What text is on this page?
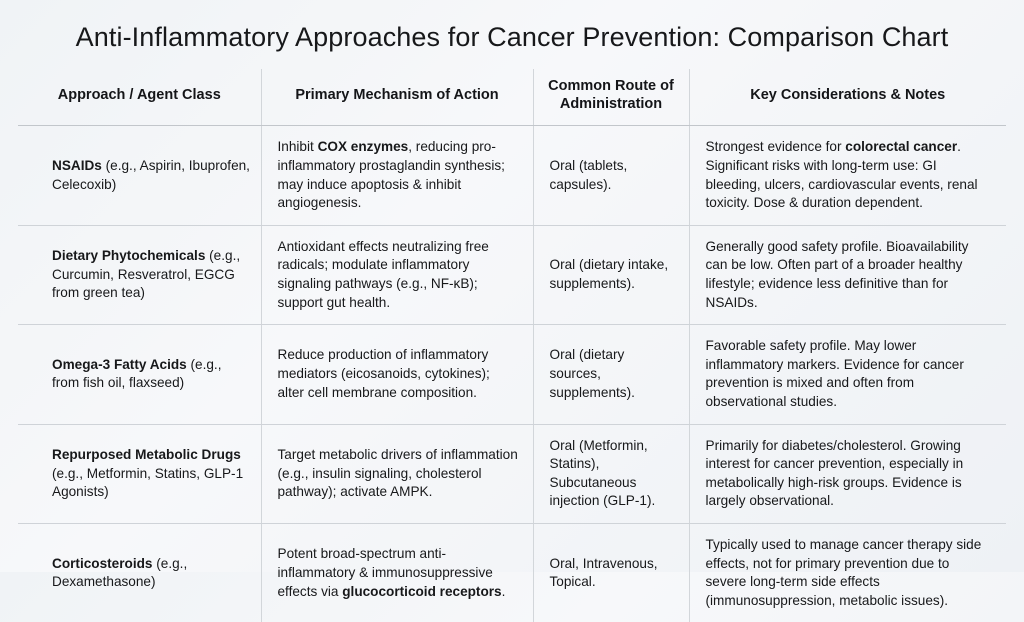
Anti-Inflammatory Approaches for Cancer Prevention: Comparison Chart
Approach / Agent Class	Primary Mechanism of Action	Common Route of Administration	Key Considerations & Notes
NSAIDs (e.g., Aspirin, Ibuprofen, Celecoxib)	Inhibit COX enzymes, reducing pro-inflammatory prostaglandin synthesis; may induce apoptosis & inhibit angiogenesis.	Oral (tablets, capsules).	Strongest evidence for colorectal cancer. Significant risks with long-term use: GI bleeding, ulcers, cardiovascular events, renal toxicity. Dose & duration dependent.
Dietary Phytochemicals (e.g., Curcumin, Resveratrol, EGCG from green tea)	Antioxidant effects neutralizing free radicals; modulate inflammatory signaling pathways (e.g., NF-κB); support gut health.	Oral (dietary intake, supplements).	Generally good safety profile. Bioavailability can be low. Often part of a broader healthy lifestyle; evidence less definitive than for NSAIDs.
Omega-3 Fatty Acids (e.g., from fish oil, flaxseed)	Reduce production of inflammatory mediators (eicosanoids, cytokines); alter cell membrane composition.	Oral (dietary sources, supplements).	Favorable safety profile. May lower inflammatory markers. Evidence for cancer prevention is mixed and often from observational studies.
Repurposed Metabolic Drugs (e.g., Metformin, Statins, GLP-1 Agonists)	Target metabolic drivers of inflammation (e.g., insulin signaling, cholesterol pathway); activate AMPK.	Oral (Metformin, Statins), Subcutaneous injection (GLP-1).	Primarily for diabetes/cholesterol. Growing interest for cancer prevention, especially in metabolically high-risk groups. Evidence is largely observational.
Corticosteroids (e.g., Dexamethasone)	Potent broad-spectrum anti-inflammatory & immunosuppressive effects via glucocorticoid receptors.	Oral, Intravenous, Topical.	Typically used to manage cancer therapy side effects, not for primary prevention due to severe long-term side effects (immunosuppression, metabolic issues).
